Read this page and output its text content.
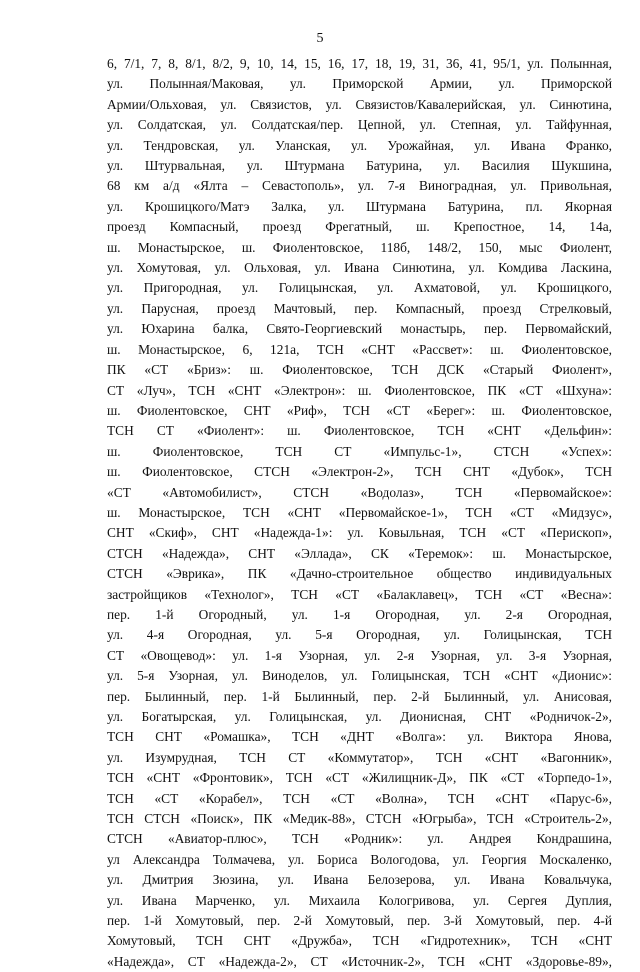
5
6, 7/1, 7, 8, 8/1, 8/2, 9, 10, 14, 15, 16, 17, 18, 19, 31, 36, 41, 95/1, ул. Полынная,
ул. Полынная/Маковая, ул. Приморской Армии, ул. Приморской
Армии/Ольховая, ул. Связистов, ул. Связистов/Кавалерийская, ул. Синютина,
ул. Солдатская, ул. Солдатская/пер. Цепной, ул. Степная, ул. Тайфунная,
ул. Тендровская, ул. Уланская, ул. Урожайная, ул. Ивана Франко,
ул. Штурвальная, ул. Штурмана Батурина, ул. Василия Шукшина,
68 км а/д «Ялта – Севастополь», ул. 7-я Виноградная, ул. Привольная,
ул. Крошицкого/Матэ Залка, ул. Штурмана Батурина, пл. Якорная
проезд Компасный, проезд Фрегатный, ш. Крепостное, 14, 14а,
ш. Монастырское, ш. Фиолентовское, 118б, 148/2, 150, мыс Фиолент,
ул. Хомутовая, ул. Ольховая, ул. Ивана Синютина, ул. Комдива Ласкина,
ул. Пригородная, ул. Голицынская, ул. Ахматовой, ул. Крошицкого,
ул. Парусная, проезд Мачтовый, пер. Компасный, проезд Стрелковый,
ул. Юхарина балка, Свято-Георгиевский монастырь, пер. Первомайский,
ш. Монастырское, 6, 121а, ТСН «СНТ «Рассвет»: ш. Фиолентовское,
ПК «СТ «Бриз»: ш. Фиолентовское, ТСН ДСК «Старый Фиолент»,
СТ «Луч», ТСН «СНТ «Электрон»: ш. Фиолентовское, ПК «СТ «Шхуна»:
ш. Фиолентовское, СНТ «Риф», ТСН «СТ «Берег»: ш. Фиолентовское,
ТСН СТ «Фиолент»: ш. Фиолентовское, ТСН «СНТ «Дельфин»:
ш. Фиолентовское, ТСН СТ «Импульс-1», СТСН «Успех»:
ш. Фиолентовское, СТСН «Электрон-2», ТСН СНТ «Дубок», ТСН
«СТ «Автомобилист», СТСН «Водолаз», ТСН «Первомайское»:
ш. Монастырское, ТСН «СНТ «Первомайское-1», ТСН «СТ «Мидзус»,
СНТ «Скиф», СНТ «Надежда-1»: ул. Ковыльная, ТСН «СТ «Перископ»,
СТСН «Надежда», СНТ «Эллада», СК «Теремок»: ш. Монастырское,
СТСН «Эврика», ПК «Дачно-строительное общество индивидуальных
застройщиков «Технолог», ТСН «СТ «Балаклавец», ТСН «СТ «Весна»:
пер. 1-й Огородный, ул. 1-я Огородная, ул. 2-я Огородная,
ул. 4-я Огородная, ул. 5-я Огородная, ул. Голицынская, ТСН
СТ «Овощевод»: ул. 1-я Узорная, ул. 2-я Узорная, ул. 3-я Узорная,
ул. 5-я Узорная, ул. Виноделов, ул. Голицынская, ТСН «СНТ «Дионис»:
пер. Былинный, пер. 1-й Былинный, пер. 2-й Былинный, ул. Анисовая,
ул. Богатырская, ул. Голицынская, ул. Дионисная, СНТ «Родничок-2»,
ТСН СНТ «Ромашка», ТСН «ДНТ «Волга»: ул. Виктора Янова,
ул. Изумрудная, ТСН СТ «Коммутатор», ТСН «СНТ «Вагонник»,
ТСН «СНТ «Фронтовик», ТСН «СТ «Жилищник-Д», ПК «СТ «Торпедо-1»,
ТСН «СТ «Корабел», ТСН «СТ «Волна», ТСН «СНТ «Парус-6»,
ТСН СТСН «Поиск», ПК «Медик-88», СТСН «Югрыба», ТСН «Строитель-2»,
СТСН «Авиатор-плюс», ТСН «Родник»: ул. Андрея Кондрашина,
ул Александра Толмачева, ул. Бориса Вологодова, ул. Георгия Москаленко,
ул. Дмитрия Зюзина, ул. Ивана Белозерова, ул. Ивана Ковальчука,
ул. Ивана Марченко, ул. Михаила Кологривова, ул. Сергея Дуплия,
пер. 1-й Хомутовый, пер. 2-й Хомутовый, пер. 3-й Хомутовый, пер. 4-й
Хомутовый, ТСН СНТ «Дружба», ТСН «Гидротехник», ТСН «СНТ
«Надежда», СТ «Надежда-2», СТ «Источник-2», ТСН «СНТ «Здоровье-89»,
